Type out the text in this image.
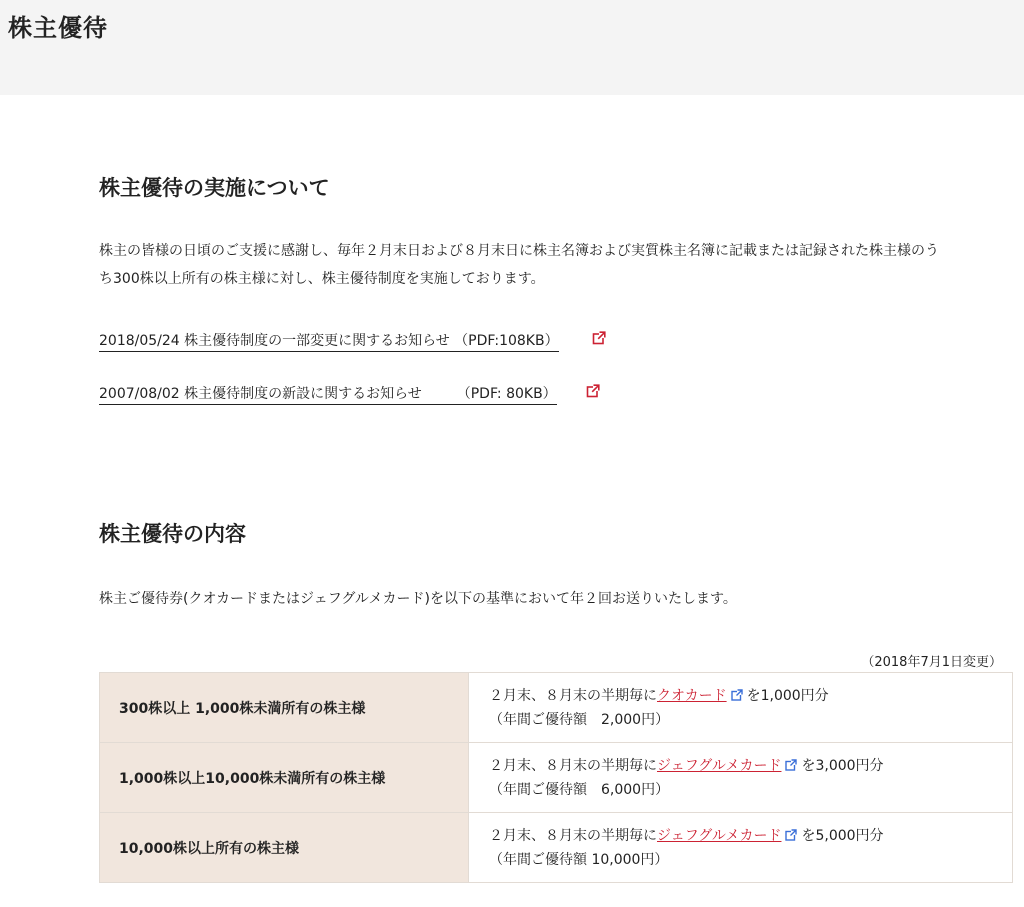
株主優待
株主優待の実施について

株主の皆様の日頃のご支援に感謝し、毎年２月末日および８月末日に株主名簿および実質株主名簿に記載または記録された株主様のう
ち300株以上所有の株主様に対し、株主優待制度を実施しております。

2018/05/24 株主優待制度の一部変更に関するお知らせ （PDF:108KB）
2007/08/02 株主優待制度の新設に関するお知らせ　　　（PDF: 80KB）
株主優待の内容

株主ご優待券(クオカードまたはジェフグルメカード)を以下の基準において年２回お送りいたします。

（2018年7月1日変更）
300株以上 1,000株未満所有の株主様	２月末、８月末の半期毎にクオカード を1,000円分
（年間ご優待額　2,000円）
1,000株以上10,000株未満所有の株主様	２月末、８月末の半期毎にジェフグルメカード を3,000円分
（年間ご優待額　6,000円）
10,000株以上所有の株主様	２月末、８月末の半期毎にジェフグルメカード を5,000円分
（年間ご優待額 10,000円）
